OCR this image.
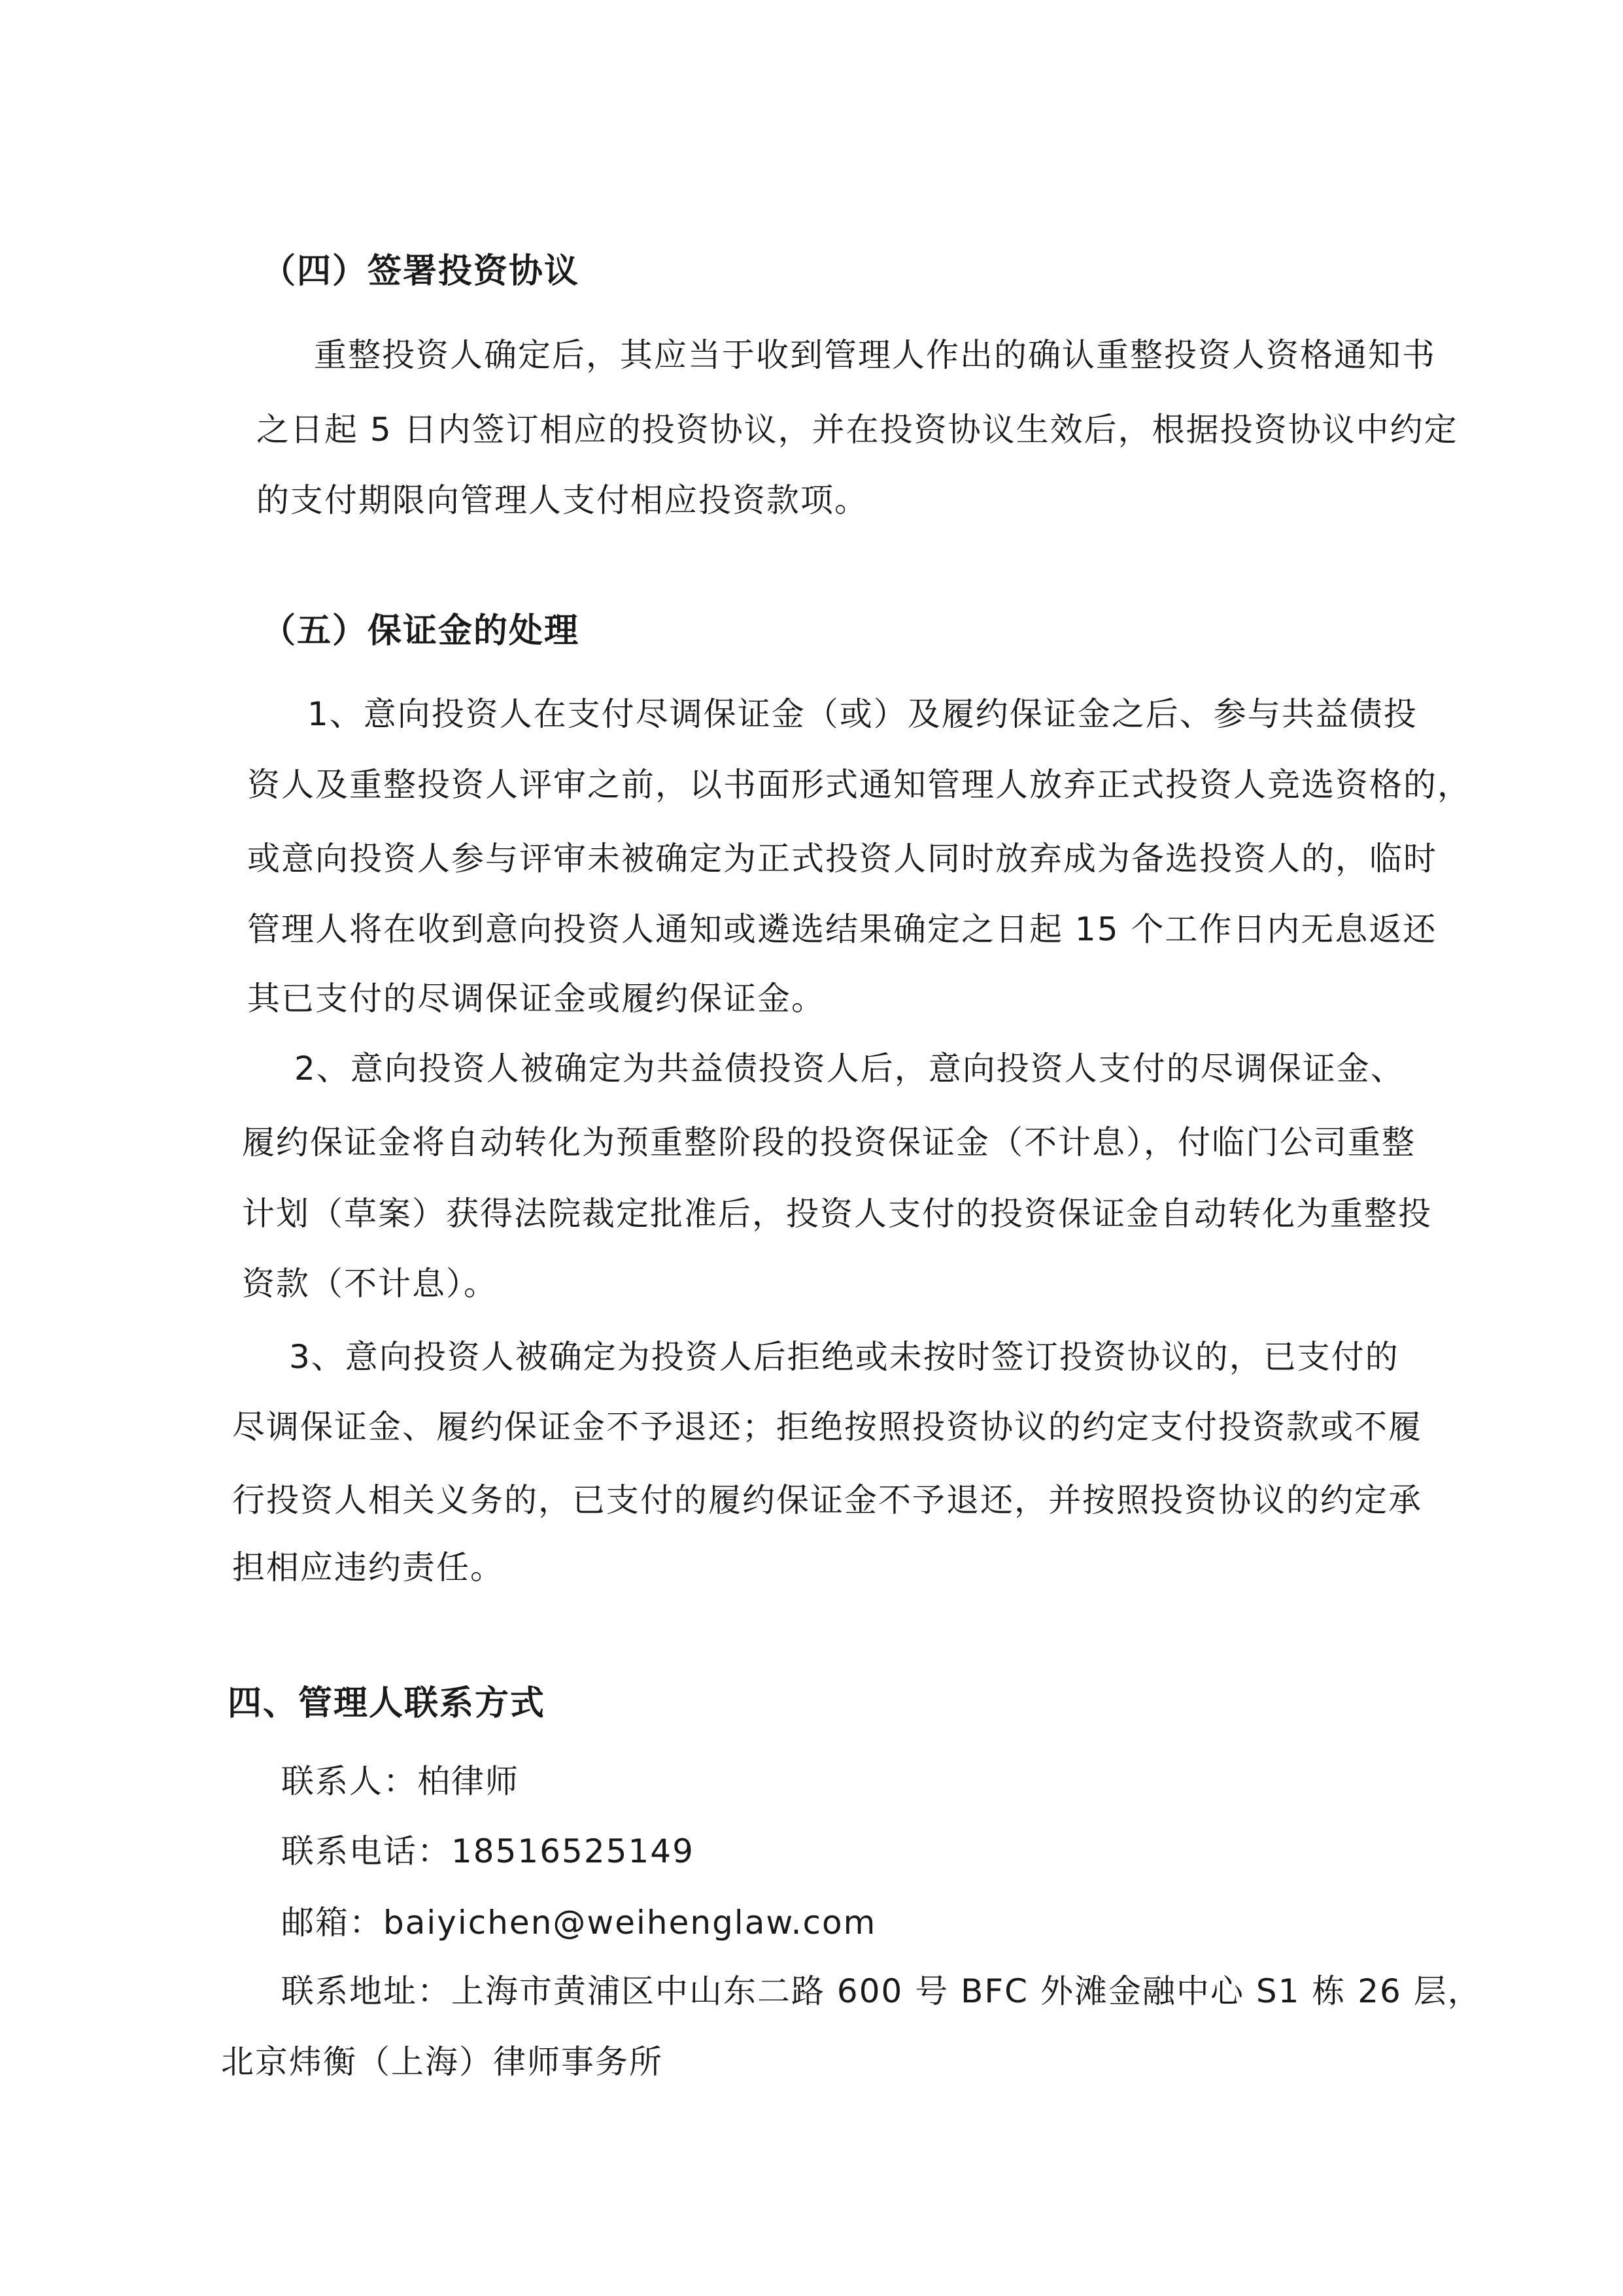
（四）签署投资协议
重整投资人确定后，其应当于收到管理人作出的确认重整投资人资格通知书
之日起 5 日内签订相应的投资协议，并在投资协议生效后，根据投资协议中约定
的支付期限向管理人支付相应投资款项。
（五）保证金的处理
1、意向投资人在支付尽调保证金（或）及履约保证金之后、参与共益债投
资人及重整投资人评审之前，以书面形式通知管理人放弃正式投资人竞选资格的，
或意向投资人参与评审未被确定为正式投资人同时放弃成为备选投资人的，临时
管理人将在收到意向投资人通知或遴选结果确定之日起 15 个工作日内无息返还
其已支付的尽调保证金或履约保证金。
2、意向投资人被确定为共益债投资人后，意向投资人支付的尽调保证金、
履约保证金将自动转化为预重整阶段的投资保证金（不计息），付临门公司重整
计划（草案）获得法院裁定批准后，投资人支付的投资保证金自动转化为重整投
资款（不计息）。
3、意向投资人被确定为投资人后拒绝或未按时签订投资协议的，已支付的
尽调保证金、履约保证金不予退还；拒绝按照投资协议的约定支付投资款或不履
行投资人相关义务的，已支付的履约保证金不予退还，并按照投资协议的约定承
担相应违约责任。
四、管理人联系方式
联系人：柏律师
联系电话：18516525149
邮箱：baiyichen@weihenglaw.com
联系地址：上海市黄浦区中山东二路 600 号 BFC 外滩金融中心 S1 栋 26 层，
北京炜衡（上海）律师事务所
